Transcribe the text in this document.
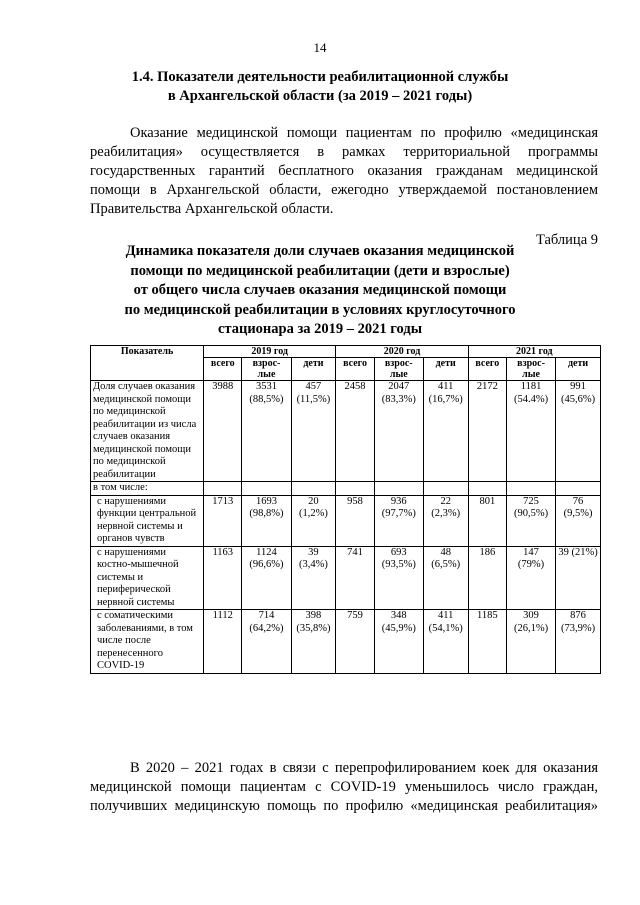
14
1.4. Показатели деятельности реабилитационной службы
в Архангельской области (за 2019 – 2021 годы)
Оказание медицинской помощи пациентам по профилю «медицинская
реабилитация» осуществляется в рамках территориальной программы
государственных гарантий бесплатного оказания гражданам медицинской
помощи в Архангельской области, ежегодно утверждаемой постановлением
Правительства Архангельской области.
Таблица 9
Динамика показателя доли случаев оказания медицинской
помощи по медицинской реабилитации (дети и взрослые)
от общего числа случаев оказания медицинской помощи
по медицинской реабилитации в условиях круглосуточного
стационара за 2019 – 2021 годы
Показатель	2019 год			2020 год			2021 год		
	всего	взрос-лые	дети	всего	взрос-лые	дети	всего	взрос-лые	дети
Доля случаев оказания медицинской помощи по медицинской реабилитации из числа случаев оказания медицинской помощи по медицинской реабилитации	3988	3531 (88,5%)	457 (11,5%)	2458	2047 (83,3%)	411 (16,7%)	2172	1181 (54.4%)	991 (45,6%)
в том числе:									
с нарушениями функции центральной нервной системы и органов чувств	1713	1693 (98,8%)	20 (1,2%)	958	936 (97,7%)	22 (2,3%)	801	725 (90,5%)	76 (9,5%)
с нарушениями костно-мышечной системы и периферической нервной системы	1163	1124 (96,6%)	39 (3,4%)	741	693 (93,5%)	48 (6,5%)	186	147 (79%)	39 (21%)
с соматическими заболеваниями, в том числе после перенесенного COVID-19	1112	714 (64,2%)	398 (35,8%)	759	348 (45,9%)	411 (54,1%)	1185	309 (26,1%)	876 (73,9%)
В 2020 – 2021 годах в связи с перепрофилированием коек для оказания
медицинской помощи пациентам с COVID-19 уменьшилось число граждан,
получивших медицинскую помощь по профилю «медицинская реабилитация»
